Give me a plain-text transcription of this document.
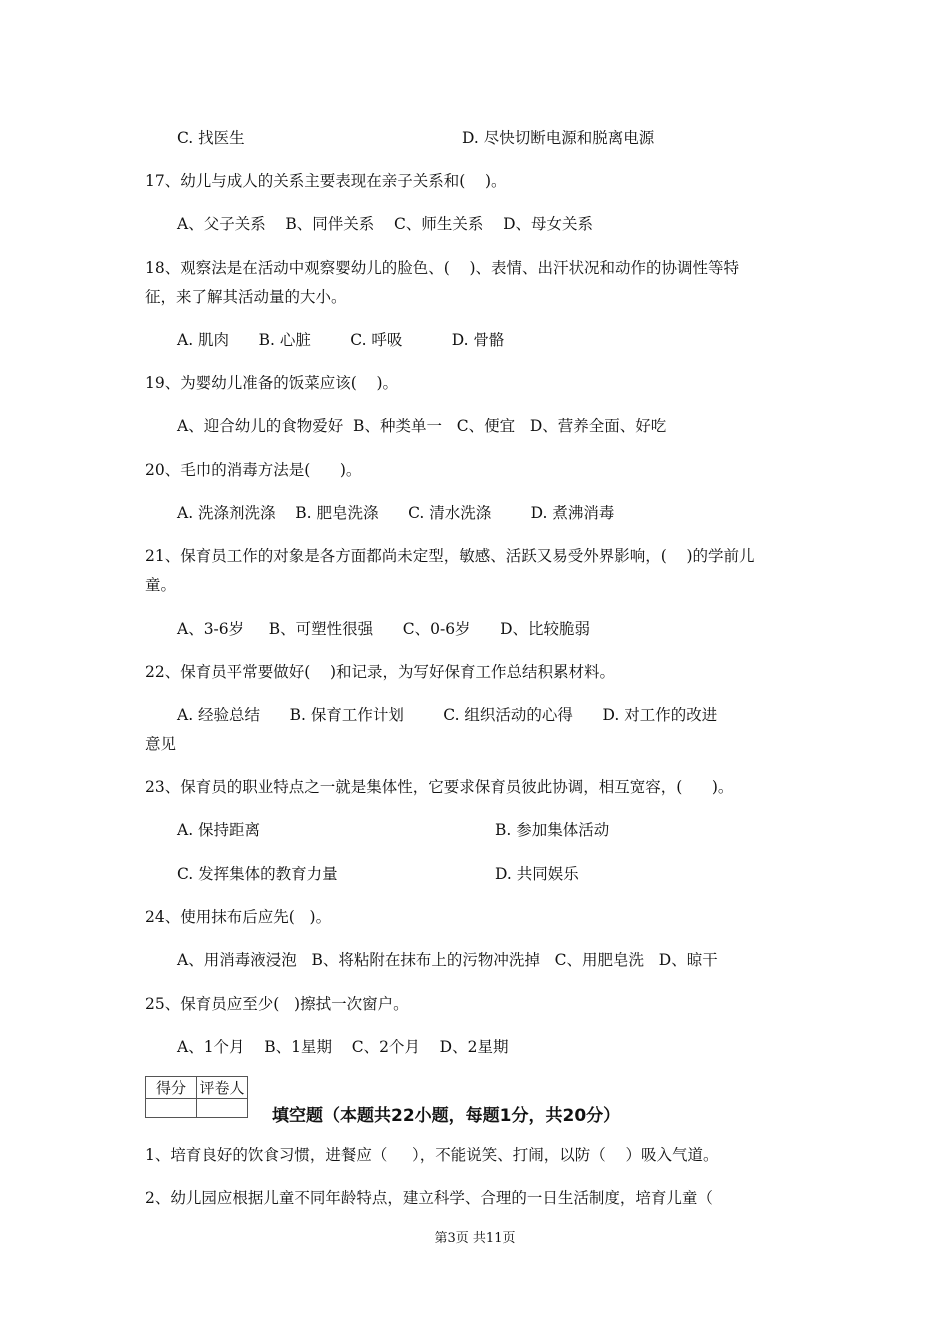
C. 找医生	D. 尽快切断电源和脱离电源
17、幼儿与成人的关系主要表现在亲子关系和(    )。
A、父子关系    B、同伴关系    C、师生关系    D、母女关系
18、观察法是在活动中观察婴幼儿的脸色、(    )、表情、出汗状况和动作的协调性等特
征，来了解其活动量的大小。
A. 肌肉      B. 心脏        C. 呼吸          D. 骨骼
19、为婴幼儿准备的饭菜应该(    )。
A、迎合幼儿的食物爱好  B、种类单一   C、便宜   D、营养全面、好吃
20、毛巾的消毒方法是(      )。
A. 洗涤剂洗涤    B. 肥皂洗涤      C. 清水洗涤        D. 煮沸消毒
21、保育员工作的对象是各方面都尚未定型，敏感、活跃又易受外界影响，(    )的学前儿
童。
A、3-6岁     B、可塑性很强      C、0-6岁      D、比较脆弱
22、保育员平常要做好(    )和记录，为写好保育工作总结积累材料。
A. 经验总结      B. 保育工作计划        C. 组织活动的心得      D. 对工作的改进
意见
23、保育员的职业特点之一就是集体性，它要求保育员彼此协调，相互宽容，(      )。
A. 保持距离	B. 参加集体活动
C. 发挥集体的教育力量	D. 共同娱乐
24、使用抹布后应先(   )。
A、用消毒液浸泡   B、将粘附在抹布上的污物冲洗掉   C、用肥皂洗   D、晾干
25、保育员应至少(   )擦拭一次窗户。
A、1个月    B、1星期    C、2个月    D、2星期
得分	评卷人

填空题（本题共22小题，每题1分，共20分）
1、培育良好的饮食习惯，进餐应（     ），不能说笑、打闹，以防（    ）吸入气道。
2、幼儿园应根据儿童不同年龄特点，建立科学、合理的一日生活制度，培育儿童（
第3页 共11页
